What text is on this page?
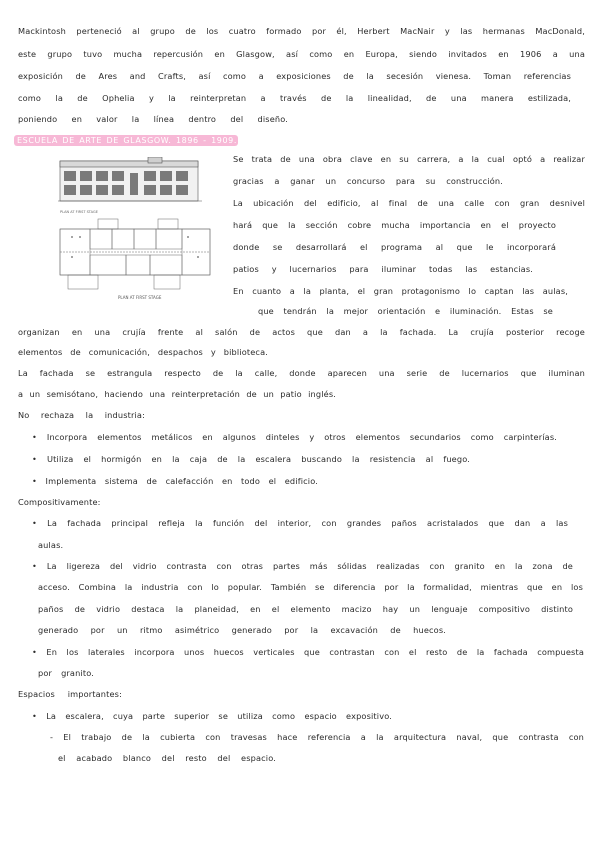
Mackintosh perteneció al grupo de los cuatro formado por él, Herbert MacNair y las hermanas MacDonald,
este grupo tuvo mucha repercusión en Glasgow, así como en Europa, siendo invitados en 1906 a una
exposición de Ares and Crafts, así como a exposiciones de la secesión vienesa. Toman referencias
como la de Ophelia y la reinterpretan a través de la linealidad, de una manera estilizada,
poniendo en valor la línea dentro del diseño.
ESCUELA DE ARTE DE GLASGOW. 1896 - 1909.
PLAN AT FIRST STAGE
PLAN AT FIRST STAGE
Se trata de una obra clave en su carrera, a la cual optó a realizar
gracias a ganar un concurso para su construcción.
La ubicación del edificio, al final de una calle con gran desnivel
hará que la sección cobre mucha importancia en el proyecto
donde se desarrollará el programa al que le incorporará
patios y lucernarios para iluminar todas las estancias.
En cuanto a la planta, el gran protagonismo lo captan las aulas,
que tendrán la mejor orientación e iluminación. Estas se
organizan en una crujía frente al salón de actos que dan a la fachada. La crujía posterior recoge
elementos de comunicación, despachos y biblioteca.
La fachada se estrangula respecto de la calle, donde aparecen una serie de lucernarios que iluminan
a un semisótano, haciendo una reinterpretación de un patio inglés.
No rechaza la industria:
• Incorpora elementos metálicos en algunos dinteles y otros elementos secundarios como carpinterías.
• Utiliza el hormigón en la caja de la escalera buscando la resistencia al fuego.
• Implementa sistema de calefacción en todo el edificio.
Compositivamente:
• La fachada principal refleja la función del interior, con grandes paños acristalados que dan a las
aulas.
• La ligereza del vidrio contrasta con otras partes más sólidas realizadas con granito en la zona de
acceso. Combina la industria con lo popular. También se diferencia por la formalidad, mientras que en los
paños de vidrio destaca la planeidad, en el elemento macizo hay un lenguaje compositivo distinto
generado por un ritmo asimétrico generado por la excavación de huecos.
• En los laterales incorpora unos huecos verticales que contrastan con el resto de la fachada compuesta
por granito.
Espacios importantes:
• La escalera, cuya parte superior se utiliza como espacio expositivo.
- El trabajo de la cubierta con travesas hace referencia a la arquitectura naval, que contrasta con
el acabado blanco del resto del espacio.
